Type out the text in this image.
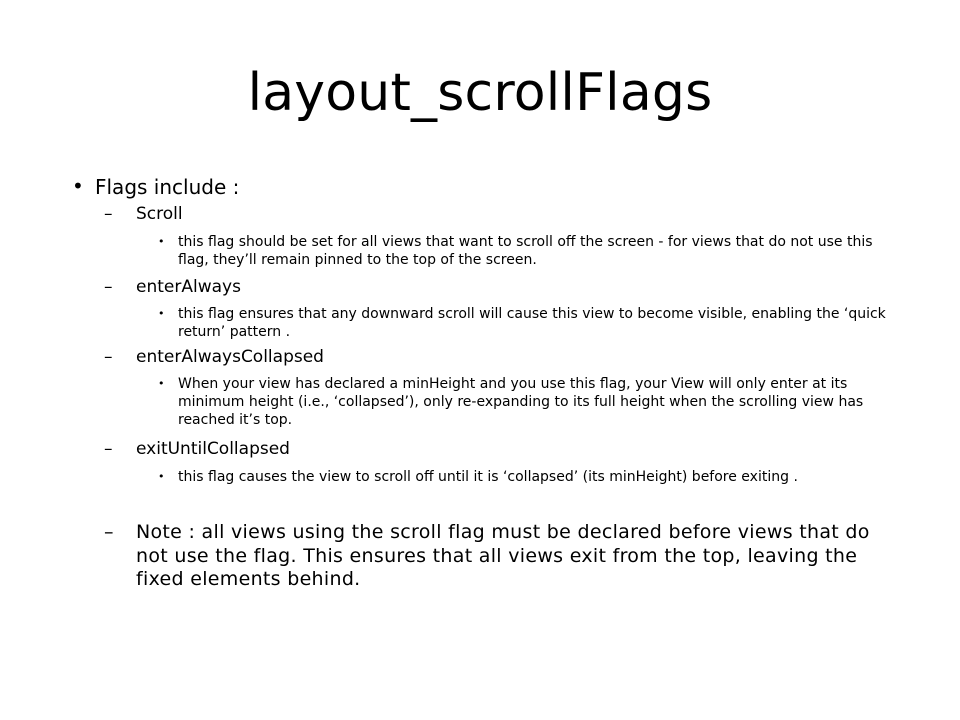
layout_scrollFlags
• Flags include :
– Scroll
• this flag should be set for all views that want to scroll off the screen - for views that do not use this flag, they’ll remain pinned to the top of the screen.
– enterAlways
• this flag ensures that any downward scroll will cause this view to become visible, enabling the ‘quick return’ pattern .
– enterAlwaysCollapsed
• When your view has declared a minHeight and you use this flag, your View will only enter at its minimum height (i.e., ‘collapsed’), only re-expanding to its full height when the scrolling view has reached it’s top.
– exitUntilCollapsed
• this flag causes the view to scroll off until it is ‘collapsed’ (its minHeight) before exiting .
– Note : all views using the scroll flag must be declared before views that do not use the flag. This ensures that all views exit from the top, leaving the fixed elements behind.
